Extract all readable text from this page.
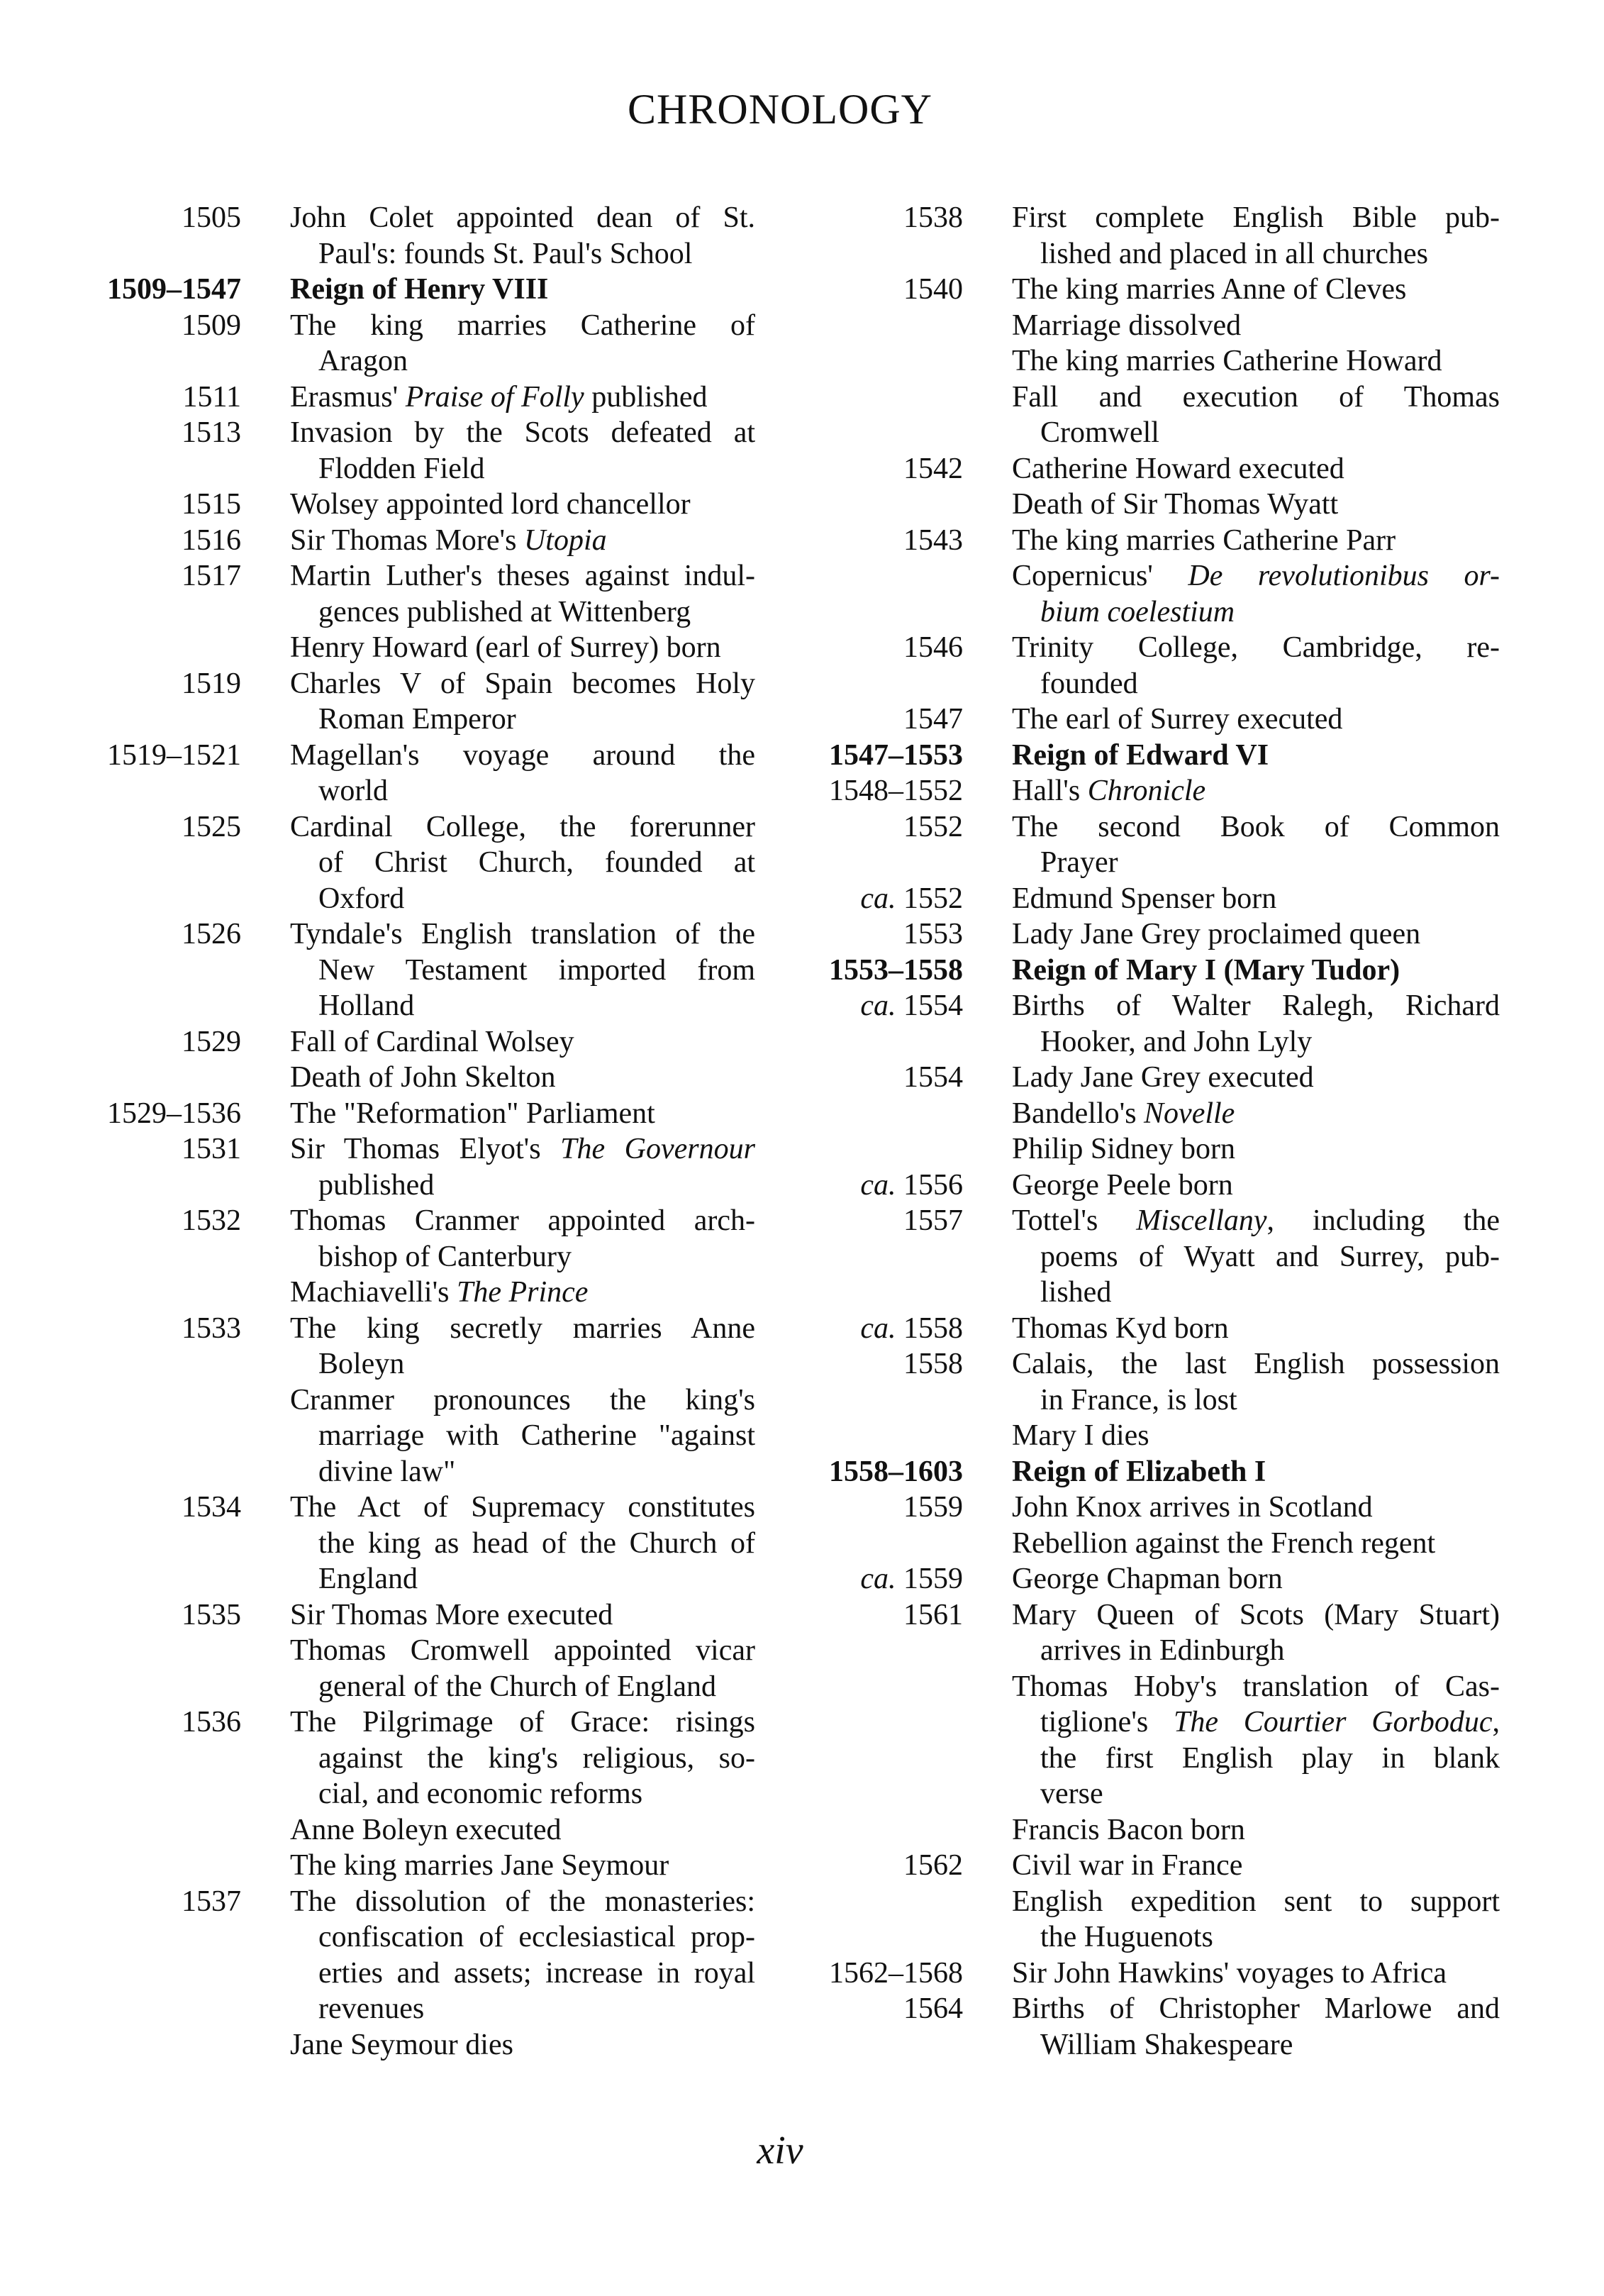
CHRONOLOGY
1505	John Colet appointed dean of St.
Paul's: founds St. Paul's School
1509–1547	Reign of Henry VIII
1509	The king marries Catherine of
Aragon
1511	Erasmus' Praise of Folly published
1513	Invasion by the Scots defeated at
Flodden Field
1515	Wolsey appointed lord chancellor
1516	Sir Thomas More's Utopia
1517	Martin Luther's theses against indul-
gences published at Wittenberg
Henry Howard (earl of Surrey) born
1519	Charles V of Spain becomes Holy
Roman Emperor
1519–1521	Magellan's voyage around the
world
1525	Cardinal College, the forerunner
of Christ Church, founded at
Oxford
1526	Tyndale's English translation of the
New Testament imported from
Holland
1529	Fall of Cardinal Wolsey
Death of John Skelton
1529–1536	The "Reformation" Parliament
1531	Sir Thomas Elyot's The Governour
published
1532	Thomas Cranmer appointed arch-
bishop of Canterbury
Machiavelli's The Prince
1533	The king secretly marries Anne
Boleyn
Cranmer pronounces the king's
marriage with Catherine "against
divine law"
1534	The Act of Supremacy constitutes
the king as head of the Church of
England
1535	Sir Thomas More executed
Thomas Cromwell appointed vicar
general of the Church of England
1536	The Pilgrimage of Grace: risings
against the king's religious, so-
cial, and economic reforms
Anne Boleyn executed
The king marries Jane Seymour
1537	The dissolution of the monasteries:
confiscation of ecclesiastical prop-
erties and assets; increase in royal
revenues
Jane Seymour dies
1538	First complete English Bible pub-
lished and placed in all churches
1540	The king marries Anne of Cleves
Marriage dissolved
The king marries Catherine Howard
Fall and execution of Thomas
Cromwell
1542	Catherine Howard executed
Death of Sir Thomas Wyatt
1543	The king marries Catherine Parr
Copernicus' De revolutionibus or-
bium coelestium
1546	Trinity College, Cambridge, re-
founded
1547	The earl of Surrey executed
1547–1553	Reign of Edward VI
1548–1552	Hall's Chronicle
1552	The second Book of Common
Prayer
ca. 1552	Edmund Spenser born
1553	Lady Jane Grey proclaimed queen
1553–1558	Reign of Mary I (Mary Tudor)
ca. 1554	Births of Walter Ralegh, Richard
Hooker, and John Lyly
1554	Lady Jane Grey executed
Bandello's Novelle
Philip Sidney born
ca. 1556	George Peele born
1557	Tottel's Miscellany, including the
poems of Wyatt and Surrey, pub-
lished
ca. 1558	Thomas Kyd born
1558	Calais, the last English possession
in France, is lost
Mary I dies
1558–1603	Reign of Elizabeth I
1559	John Knox arrives in Scotland
Rebellion against the French regent
ca. 1559	George Chapman born
1561	Mary Queen of Scots (Mary Stuart)
arrives in Edinburgh
Thomas Hoby's translation of Cas-
tiglione's The Courtier Gorboduc,
the first English play in blank
verse
Francis Bacon born
1562	Civil war in France
English expedition sent to support
the Huguenots
1562–1568	Sir John Hawkins' voyages to Africa
1564	Births of Christopher Marlowe and
William Shakespeare
xiv
